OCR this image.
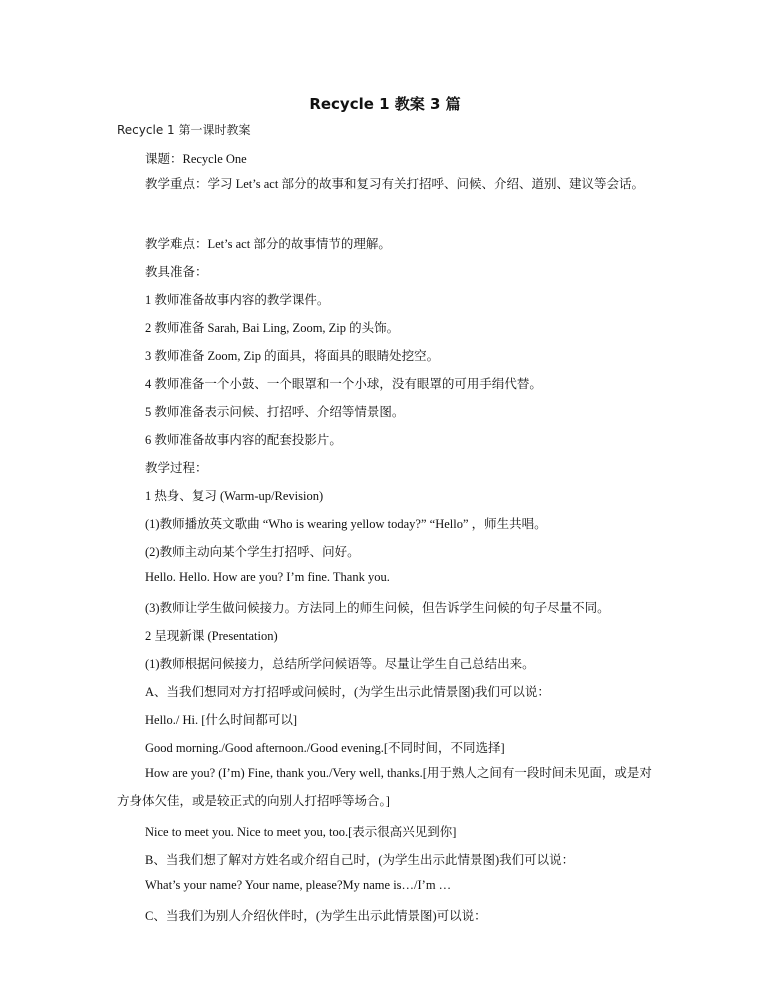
Recycle 1 教案 3 篇
Recycle 1 第一课时教案
课题：Recycle One
教学重点：学习 Let’s act 部分的故事和复习有关打招呼、问候、介绍、道别、建议等会话。
教学难点：Let’s act 部分的故事情节的理解。
教具准备：
1 教师准备故事内容的教学课件。
2 教师准备 Sarah, Bai Ling, Zoom, Zip 的头饰。
3 教师准备 Zoom, Zip 的面具，将面具的眼睛处挖空。
4 教师准备一个小鼓、一个眼罩和一个小球，没有眼罩的可用手绢代替。
5 教师准备表示问候、打招呼、介绍等情景图。
6 教师准备故事内容的配套投影片。
教学过程：
1 热身、复习 (Warm-up/Revision)
(1)教师播放英文歌曲 “Who is wearing yellow today?” “Hello” ，师生共唱。
(2)教师主动向某个学生打招呼、问好。
Hello. Hello. How are you? I’m fine. Thank you.
(3)教师让学生做问候接力。方法同上的师生问候，但告诉学生问候的句子尽量不同。
2 呈现新课 (Presentation)
(1)教师根据问候接力，总结所学问候语等。尽量让学生自己总结出来。
A、当我们想同对方打招呼或问候时，(为学生出示此情景图)我们可以说：
Hello./ Hi. [什么时间都可以]
Good morning./Good afternoon./Good evening.[不同时间，不同选择]
How are you? (I’m) Fine, thank you./Very well, thanks.[用于熟人之间有一段时间未见面，或是对方身体欠佳，或是较正式的向别人打招呼等场合。]
Nice to meet you. Nice to meet you, too.[表示很高兴见到你]
B、当我们想了解对方姓名或介绍自己时，(为学生出示此情景图)我们可以说：
What’s your name? Your name, please?My name is…/I’m …
C、当我们为别人介绍伙伴时，(为学生出示此情景图)可以说：
